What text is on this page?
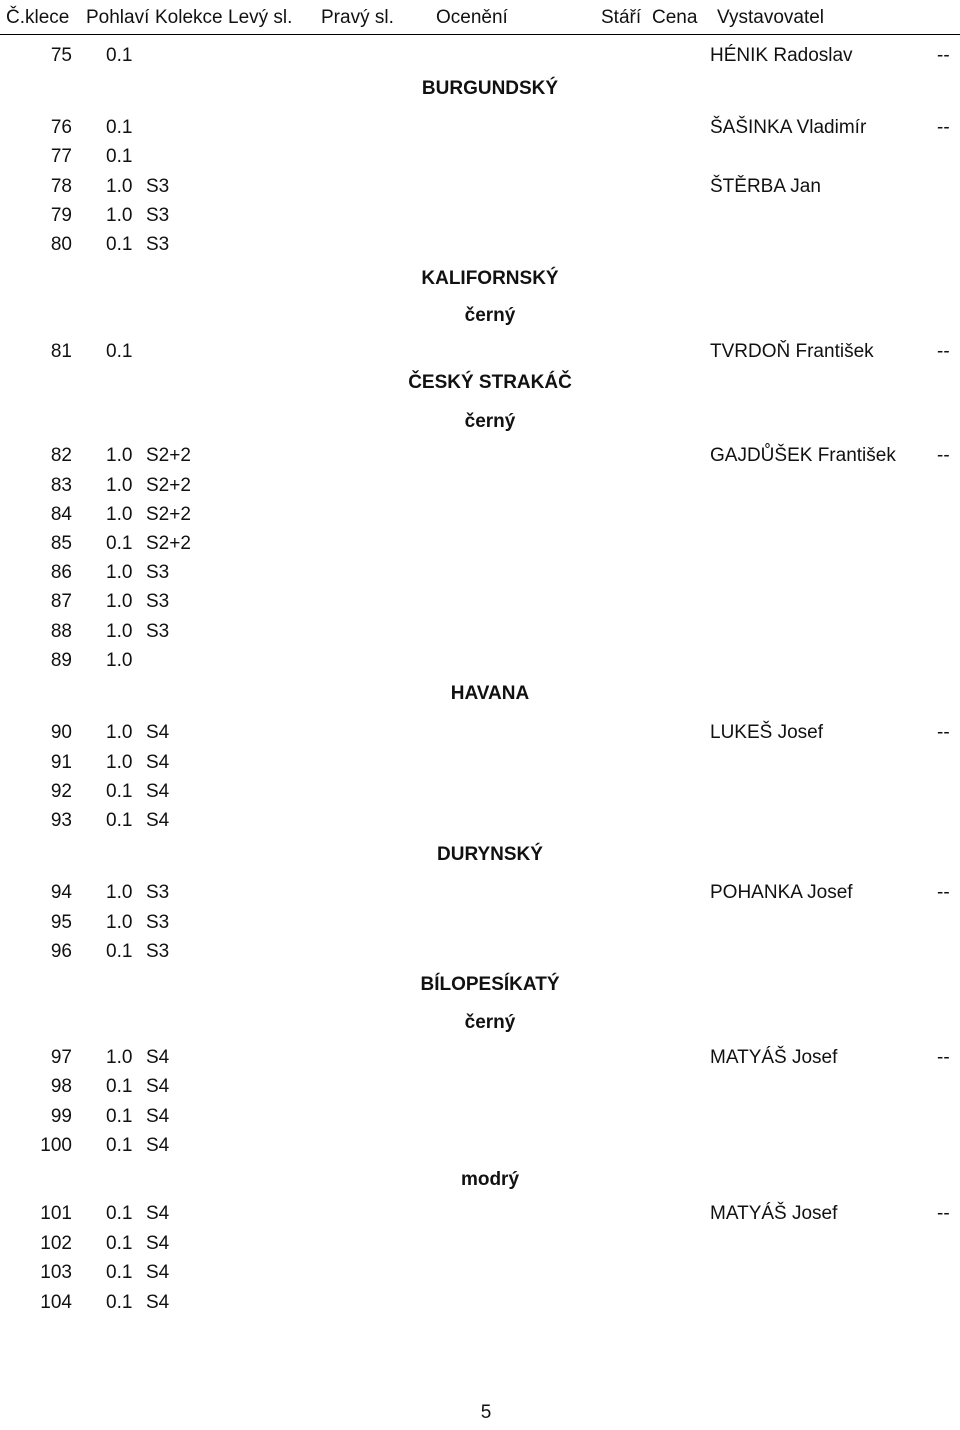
Č.klece Pohlaví Kolekce Levý sl. Pravý sl. Ocenění	Stáří Cena Vystavovatel
75 0.1	HÉNIK Radoslav	--
76 0.1	ŠAŠINKA Vladimír	--
77 0.1
78 1.0 S3	ŠTĚRBA Jan
79 1.0 S3
80 0.1 S3
81 0.1	TVRDOŇ František	--
82 1.0 S2+2	GAJDŮŠEK František --
83 1.0 S2+2
84 1.0 S2+2
85 0.1 S2+2
86 1.0 S3
87 1.0 S3
88 1.0 S3
89 1.0
90 1.0 S4	LUKEŠ Josef	--
91 1.0 S4
92 0.1 S4
93 0.1 S4
94 1.0 S3	POHANKA Josef	--
95 1.0 S3
96 0.1 S3
97 1.0 S4	MATYÁŠ Josef	--
98 0.1 S4
99 0.1 S4
100 0.1 S4
101 0.1 S4	MATYÁŠ Josef	--
102 0.1 S4
103 0.1 S4
104 0.1 S4
BURGUNDSKÝ
KALIFORNSKÝ
černý
ČESKÝ STRAKÁČ
černý
HAVANA
DURYNSKÝ
BÍLOPESÍKATÝ
černý
modrý
5
